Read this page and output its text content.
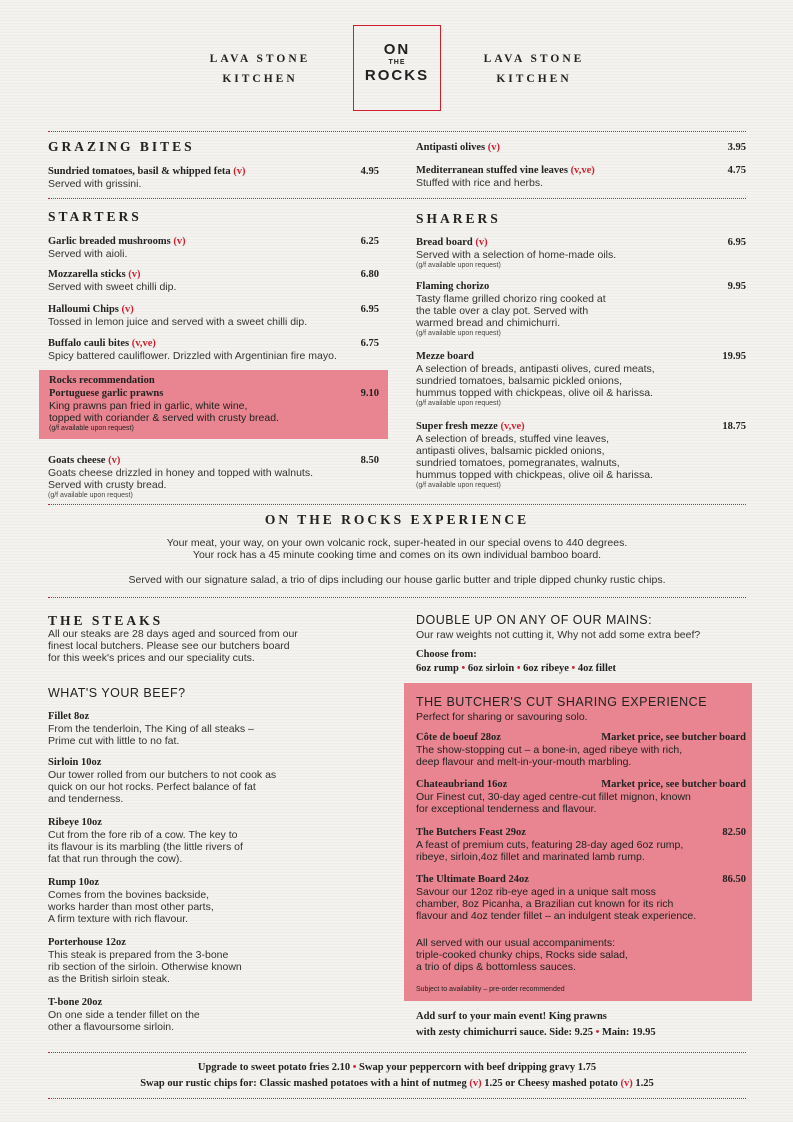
LAVA STONE
KITCHEN
ON
THE
ROCKS
LAVA STONE
KITCHEN
GRAZING BITES
Sundried tomatoes, basil & whipped feta (v)
Served with grissini.
4.95
Antipasti olives (v)	3.95
Mediterranean stuffed vine leaves (v,ve)
Stuffed with rice and herbs.
4.75
STARTERS
Garlic breaded mushrooms (v)
Served with aioli.
6.25
Mozzarella sticks (v)
Served with sweet chilli dip.
6.80
Halloumi Chips (v)
Tossed in lemon juice and served with a sweet chilli dip.
6.95
Buffalo cauli bites (v,ve)
Spicy battered cauliflower. Drizzled with Argentinian fire mayo.
6.75
Rocks recommendation
Portuguese garlic prawns
King prawns pan fried in garlic, white wine,
topped with coriander & served with crusty bread.
(g/f available upon request)
9.10
Goats cheese (v)
Goats cheese drizzled in honey and topped with walnuts.
Served with crusty bread.
(g/f available upon request)
8.50
SHARERS
Bread board (v)
Served with a selection of home-made oils.
(g/f available upon request)
6.95
Flaming chorizo
Tasty flame grilled chorizo ring cooked at
the table over a clay pot. Served with
warmed bread and chimichurri.
(g/f available upon request)
9.95
Mezze board
A selection of breads, antipasti olives, cured meats,
sundried tomatoes, balsamic pickled onions,
hummus topped with chickpeas, olive oil & harissa.
(g/f available upon request)
19.95
Super fresh mezze (v,ve)
A selection of breads, stuffed vine leaves,
antipasti olives, balsamic pickled onions,
sundried tomatoes, pomegranates, walnuts,
hummus topped with chickpeas, olive oil & harissa.
(g/f available upon request)
18.75
ON THE ROCKS EXPERIENCE
Your meat, your way, on your own volcanic rock, super-heated in our special ovens to 440 degrees.
Your rock has a 45 minute cooking time and comes on its own individual bamboo board.
Served with our signature salad, a trio of dips including our house garlic butter and triple dipped chunky rustic chips.
THE STEAKS
All our steaks are 28 days aged and sourced from our
finest local butchers. Please see our butchers board
for this week's prices and our speciality cuts.
WHAT'S YOUR BEEF?
Fillet 8oz
From the tenderloin, The King of all steaks –
Prime cut with little to no fat.
Sirloin 10oz
Our tower rolled from our butchers to not cook as
quick on our hot rocks. Perfect balance of fat
and tenderness.
Ribeye 10oz
Cut from the fore rib of a cow. The key to
its flavour is its marbling (the little rivers of
fat that run through the cow).
Rump 10oz
Comes from the bovines backside,
works harder than most other parts,
A firm texture with rich flavour.
Porterhouse 12oz
This steak is prepared from the 3-bone
rib section of the sirloin. Otherwise known
as the British sirloin steak.
T-bone 20oz
On one side a tender fillet on the
other a flavoursome sirloin.
DOUBLE UP ON ANY OF OUR MAINS:
Our raw weights not cutting it, Why not add some extra beef?
Choose from:
6oz rump • 6oz sirloin • 6oz ribeye • 4oz fillet
THE BUTCHER'S CUT SHARING EXPERIENCE
Perfect for sharing or savouring solo.
Côte de boeuf 28oz
The show-stopping cut – a bone-in, aged ribeye with rich,
deep flavour and melt-in-your-mouth marbling.
Market price, see butcher board
Chateaubriand 16oz
Our Finest cut, 30-day aged centre-cut fillet mignon, known
for exceptional tenderness and flavour.
Market price, see butcher board
The Butchers Feast 29oz
A feast of premium cuts, featuring 28-day aged 6oz rump,
ribeye, sirloin,4oz fillet and marinated lamb rump.
82.50
The Ultimate Board 24oz
Savour our 12oz rib-eye aged in a unique salt moss
chamber, 8oz Picanha, a Brazilian cut known for its rich
flavour and 4oz tender fillet – an indulgent steak experience.
86.50
All served with our usual accompaniments:
triple-cooked chunky chips, Rocks side salad,
a trio of dips & bottomless sauces.
Subject to availability – pre-order recommended
Add surf to your main event! King prawns
with zesty chimichurri sauce. Side: 9.25 • Main: 19.95
Upgrade to sweet potato fries 2.10 • Swap your peppercorn with beef dripping gravy 1.75
Swap our rustic chips for: Classic mashed potatoes with a hint of nutmeg (v) 1.25 or Cheesy mashed potato (v) 1.25
